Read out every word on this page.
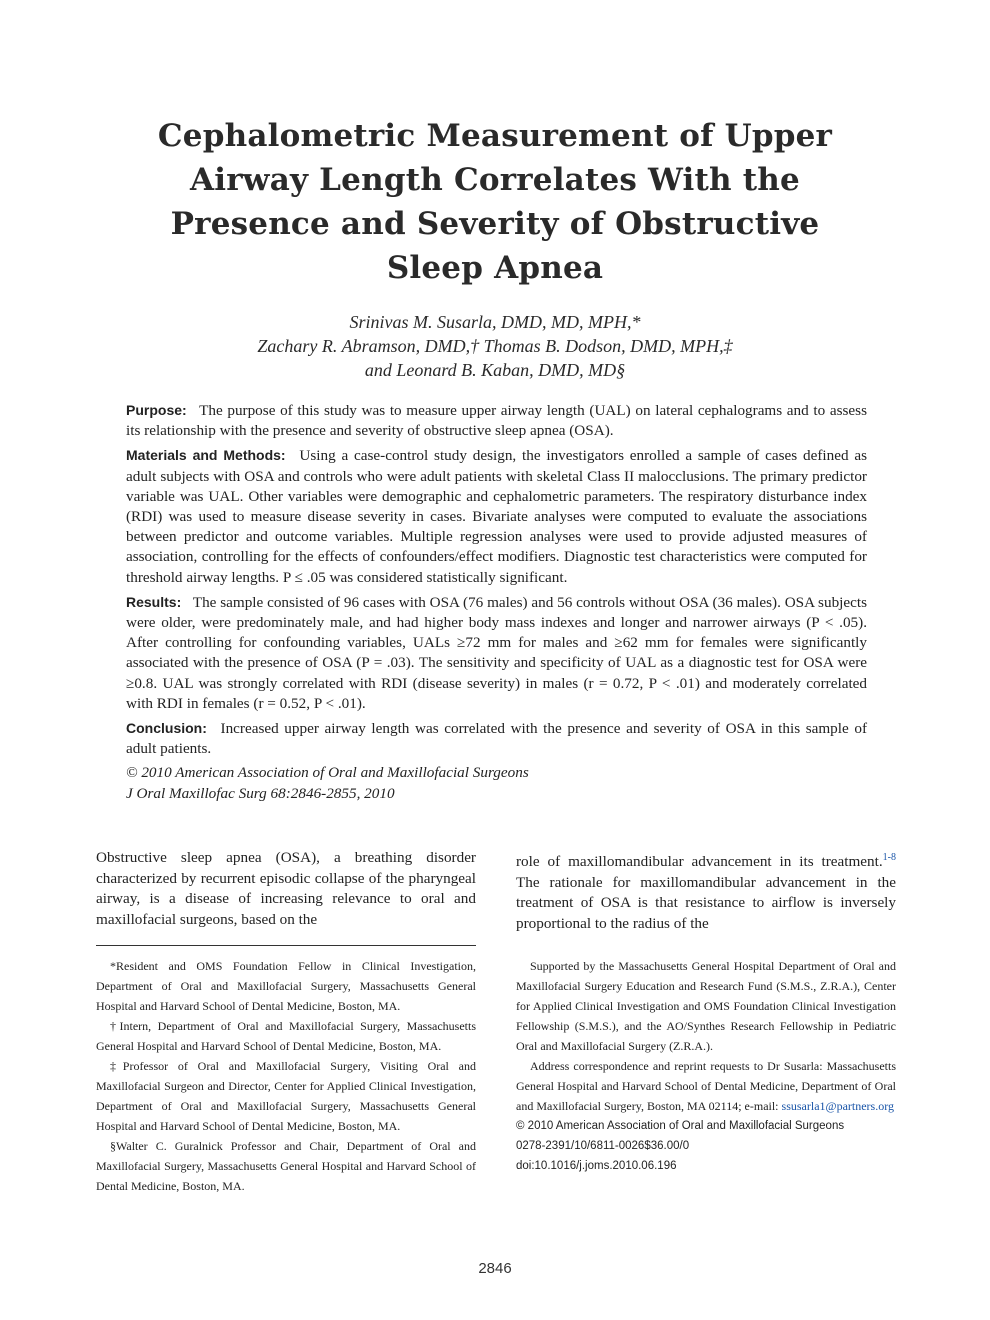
Cephalometric Measurement of Upper Airway Length Correlates With the Presence and Severity of Obstructive Sleep Apnea
Srinivas M. Susarla, DMD, MD, MPH,*
Zachary R. Abramson, DMD,† Thomas B. Dodson, DMD, MPH,‡
and Leonard B. Kaban, DMD, MD§

Purpose: The purpose of this study was to measure upper airway length (UAL) on lateral cephalograms and to assess its relationship with the presence and severity of obstructive sleep apnea (OSA).

Materials and Methods: Using a case-control study design, the investigators enrolled a sample of cases defined as adult subjects with OSA and controls who were adult patients with skeletal Class II malocclusions. The primary predictor variable was UAL. Other variables were demographic and cephalometric parameters. The respiratory disturbance index (RDI) was used to measure disease severity in cases. Bivariate analyses were computed to evaluate the associations between predictor and outcome variables. Multiple regression analyses were used to provide adjusted measures of association, controlling for the effects of confounders/effect modifiers. Diagnostic test characteristics were computed for threshold airway lengths. P ≤ .05 was considered statistically significant.

Results: The sample consisted of 96 cases with OSA (76 males) and 56 controls without OSA (36 males). OSA subjects were older, were predominately male, and had higher body mass indexes and longer and narrower airways (P < .05). After controlling for confounding variables, UALs ≥72 mm for males and ≥62 mm for females were significantly associated with the presence of OSA (P = .03). The sensitivity and specificity of UAL as a diagnostic test for OSA were ≥0.8. UAL was strongly correlated with RDI (disease severity) in males (r = 0.72, P < .01) and moderately correlated with RDI in females (r = 0.52, P < .01).

Conclusion: Increased upper airway length was correlated with the presence and severity of OSA in this sample of adult patients.

© 2010 American Association of Oral and Maxillofacial Surgeons

J Oral Maxillofac Surg 68:2846-2855, 2010

Obstructive sleep apnea (OSA), a breathing disorder characterized by recurrent episodic collapse of the pharyngeal airway, is a disease of increasing relevance to oral and maxillofacial surgeons, based on the

role of maxillomandibular advancement in its treatment.$^{1-8}$ The rationale for maxillomandibular advancement in the treatment of OSA is that resistance to airflow is inversely proportional to the radius of the

*Resident and OMS Foundation Fellow in Clinical Investigation, Department of Oral and Maxillofacial Surgery, Massachusetts General Hospital and Harvard School of Dental Medicine, Boston, MA.

†Intern, Department of Oral and Maxillofacial Surgery, Massachusetts General Hospital and Harvard School of Dental Medicine, Boston, MA.

‡Professor of Oral and Maxillofacial Surgery, Visiting Oral and Maxillofacial Surgeon and Director, Center for Applied Clinical Investigation, Department of Oral and Maxillofacial Surgery, Massachusetts General Hospital and Harvard School of Dental Medicine, Boston, MA.

§Walter C. Guralnick Professor and Chair, Department of Oral and Maxillofacial Surgery, Massachusetts General Hospital and Harvard School of Dental Medicine, Boston, MA.

Supported by the Massachusetts General Hospital Department of Oral and Maxillofacial Surgery Education and Research Fund (S.M.S., Z.R.A.), Center for Applied Clinical Investigation and OMS Foundation Clinical Investigation Fellowship (S.M.S.), and the AO/Synthes Research Fellowship in Pediatric Oral and Maxillofacial Surgery (Z.R.A.).

Address correspondence and reprint requests to Dr Susarla: Massachusetts General Hospital and Harvard School of Dental Medicine, Department of Oral and Maxillofacial Surgery, Boston, MA 02114; e-mail: ssusarla1@partners.org

© 2010 American Association of Oral and Maxillofacial Surgeons

0278-2391/10/6811-0026$36.00/0

doi:10.1016/j.joms.2010.06.196

2846
